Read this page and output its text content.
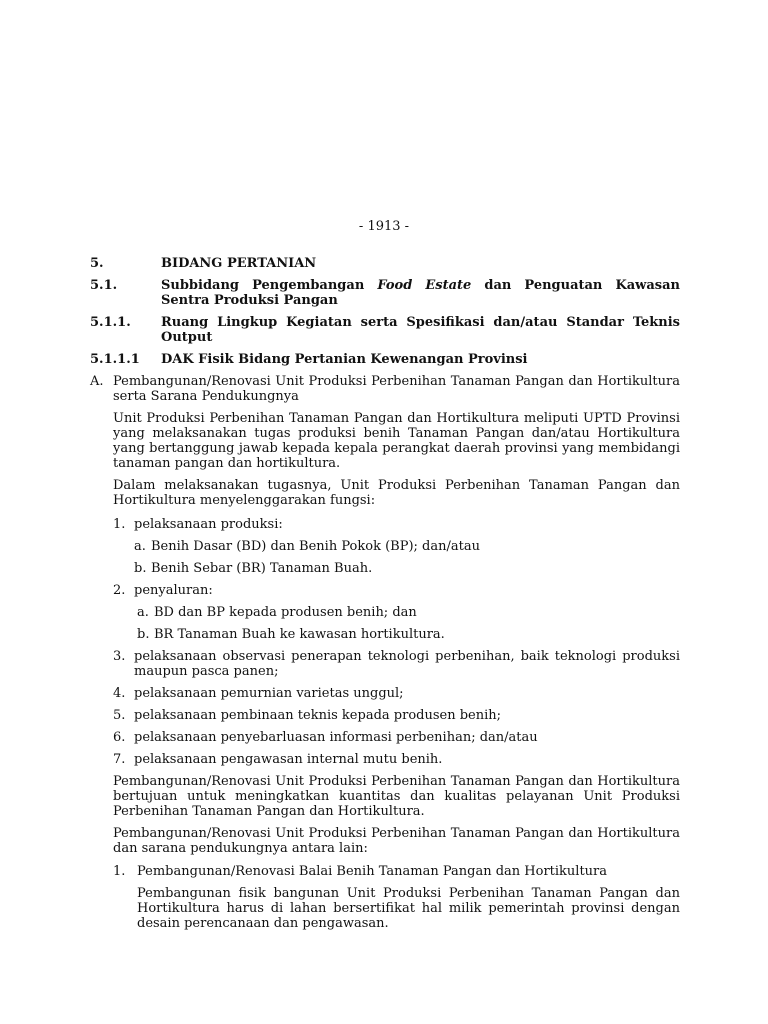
- 1913 -
5.	BIDANG PERTANIAN
5.1.	Subbidang Pengembangan Food Estate dan Penguatan Kawasan Sentra Produksi Pangan
5.1.1. Ruang Lingkup Kegiatan serta Spesifikasi dan/atau Standar Teknis Output
5.1.1.1 DAK Fisik Bidang Pertanian Kewenangan Provinsi
A. Pembangunan/Renovasi Unit Produksi Perbenihan Tanaman Pangan dan Hortikultura serta Sarana Pendukungnya
Unit Produksi Perbenihan Tanaman Pangan dan Hortikultura meliputi UPTD Provinsi yang melaksanakan tugas produksi benih Tanaman Pangan dan/atau Hortikultura yang bertanggung jawab kepada kepala perangkat daerah provinsi yang membidangi tanaman pangan dan hortikultura.
Dalam melaksanakan tugasnya, Unit Produksi Perbenihan Tanaman Pangan dan Hortikultura menyelenggarakan fungsi:
1. pelaksanaan produksi:
a. Benih Dasar (BD) dan Benih Pokok (BP); dan/atau
b. Benih Sebar (BR) Tanaman Buah.
2. penyaluran:
a. BD dan BP kepada produsen benih; dan
b. BR Tanaman Buah ke kawasan hortikultura.
3. pelaksanaan observasi penerapan teknologi perbenihan, baik teknologi produksi maupun pasca panen;
4. pelaksanaan pemurnian varietas unggul;
5. pelaksanaan pembinaan teknis kepada produsen benih;
6. pelaksanaan penyebarluasan informasi perbenihan; dan/atau
7. pelaksanaan pengawasan internal mutu benih.
Pembangunan/Renovasi Unit Produksi Perbenihan Tanaman Pangan dan Hortikultura bertujuan untuk meningkatkan kuantitas dan kualitas pelayanan Unit Produksi Perbenihan Tanaman Pangan dan Hortikultura.
Pembangunan/Renovasi Unit Produksi Perbenihan Tanaman Pangan dan Hortikultura dan sarana pendukungnya antara lain:
1. Pembangunan/Renovasi Balai Benih Tanaman Pangan dan Hortikultura
Pembangunan fisik bangunan Unit Produksi Perbenihan Tanaman Pangan dan Hortikultura harus di lahan bersertifikat hal milik pemerintah provinsi dengan desain perencanaan dan pengawasan.
